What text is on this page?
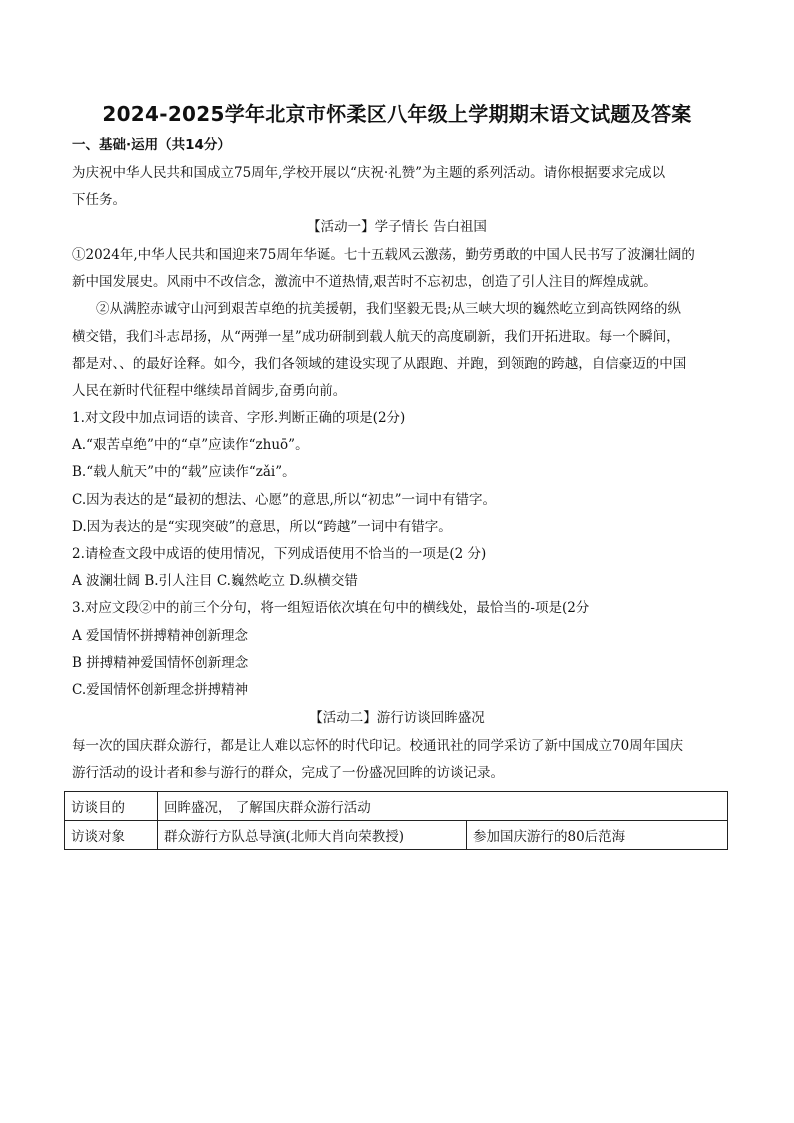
2024-2025学年北京市怀柔区八年级上学期期末语文试题及答案
一、基础·运用（共14分）
为庆祝中华人民共和国成立75周年,学校开展以“庆祝·礼赞”为主题的系列活动。请你根据要求完成以
下任务。
【活动一】学子情长 告白祖国
①2024年,中华人民共和国迎来75周年华诞。七十五载风云激荡，勤劳勇敢的中国人民书写了波澜壮阔的
新中国发展史。风雨中不改信念，激流中不道热情,艰苦时不忘初忠，创造了引人注目的辉煌成就。
②从满腔赤诚守山河到艰苦卓绝的抗美援朝，我们坚毅无畏;从三峡大坝的巍然屹立到高铁网络的纵
横交错，我们斗志昂扬，从“两弹一星”成功研制到载人航天的高度刷新，我们开拓进取。每一个瞬间，
都是对、、的最好诠释。如今，我们各领域的建设实现了从跟跑、并跑，到领跑的跨越，自信豪迈的中国
人民在新时代征程中继续昂首阔步,奋勇向前。
1.对文段中加点词语的读音、字形.判断正确的项是(2分)
A.“艰苦卓绝”中的“卓”应读作“zhuō”。
B.“载人航天”中的“载”应读作“zǎi”。
C.因为表达的是“最初的想法、心愿”的意思,所以“初忠”一词中有错字。
D.因为表达的是“实现突破”的意思，所以“跨越”一词中有错字。
2.请检查文段中成语的使用情况，下列成语使用不恰当的一项是(2 分)
A 波澜壮阔 B.引人注目 C.巍然屹立 D.纵横交错
3.对应文段②中的前三个分句，将一组短语依次填在句中的横线处，最恰当的-项是(2分
A 爱国情怀拼搏精神创新理念
B 拼搏精神爱国情怀创新理念
C.爱国情怀创新理念拼搏精神
【活动二】游行访谈回眸盛况
每一次的国庆群众游行，都是让人难以忘怀的时代印记。校通讯社的同学采访了新中国成立70周年国庆
游行活动的设计者和参与游行的群众，完成了一份盛况回眸的访谈记录。
访谈目的	回眸盛况， 了解国庆群众游行活动	
访谈对象	群众游行方队总导演(北师大肖向荣教授)	参加国庆游行的80后范海
